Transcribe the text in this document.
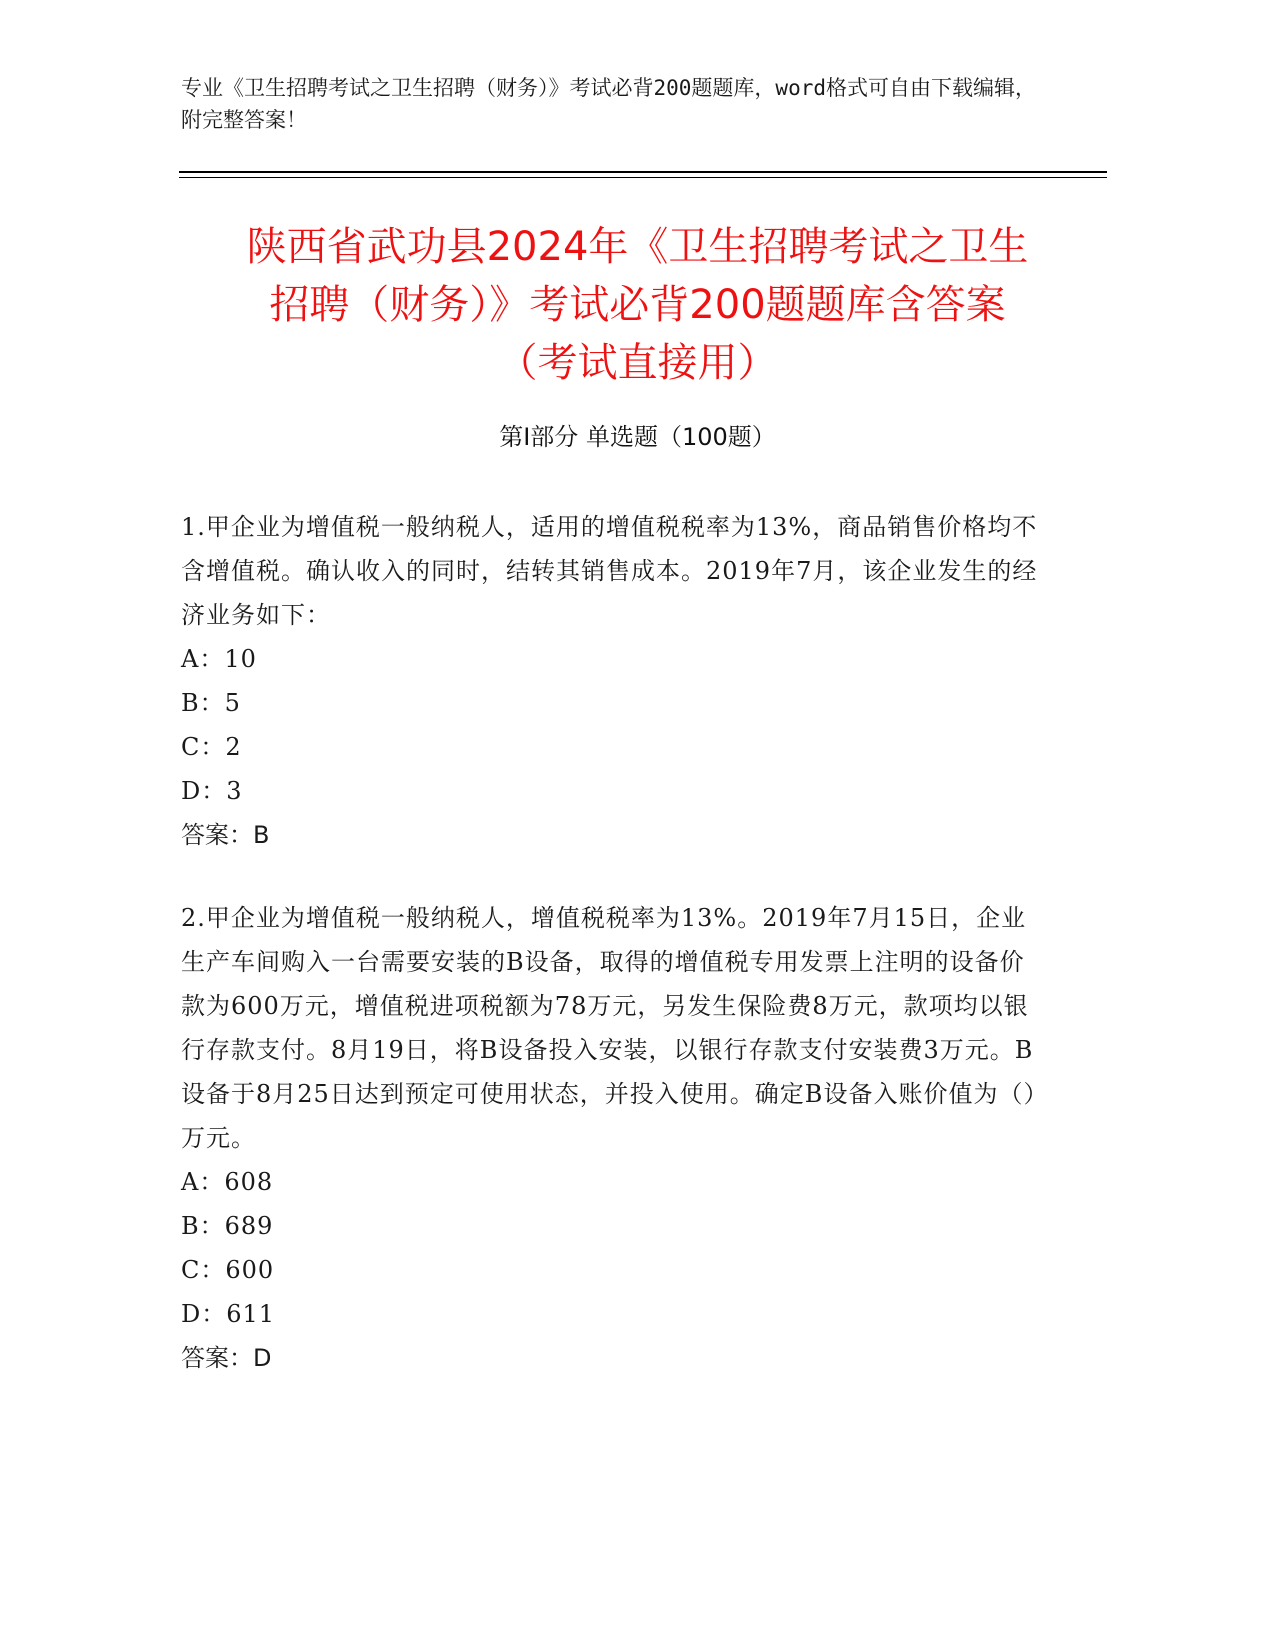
专业《卫生招聘考试之卫生招聘（财务）》考试必背200题题库，word格式可自由下载编辑，附完整答案！
陕西省武功县2024年《卫生招聘考试之卫生
招聘（财务）》考试必背200题题库含答案
（考试直接用）
第Ⅰ部分 单选题（100题）

1.甲企业为增值税一般纳税人，适用的增值税税率为13%，商品销售价格均不含增值税。确认收入的同时，结转其销售成本。2019年7月，该企业发生的经济业务如下：

A：10

B：5

C：2

D：3

答案：B

2.甲企业为增值税一般纳税人，增值税税率为13%。2019年7月15日，企业生产车间购入一台需要安装的B设备，取得的增值税专用发票上注明的设备价款为600万元，增值税进项税额为78万元，另发生保险费8万元，款项均以银行存款支付。8月19日，将B设备投入安装，以银行存款支付安装费3万元。B设备于8月25日达到预定可使用状态，并投入使用。确定B设备入账价值为（）万元。

A：608

B：689

C：600

D：611

答案：D
